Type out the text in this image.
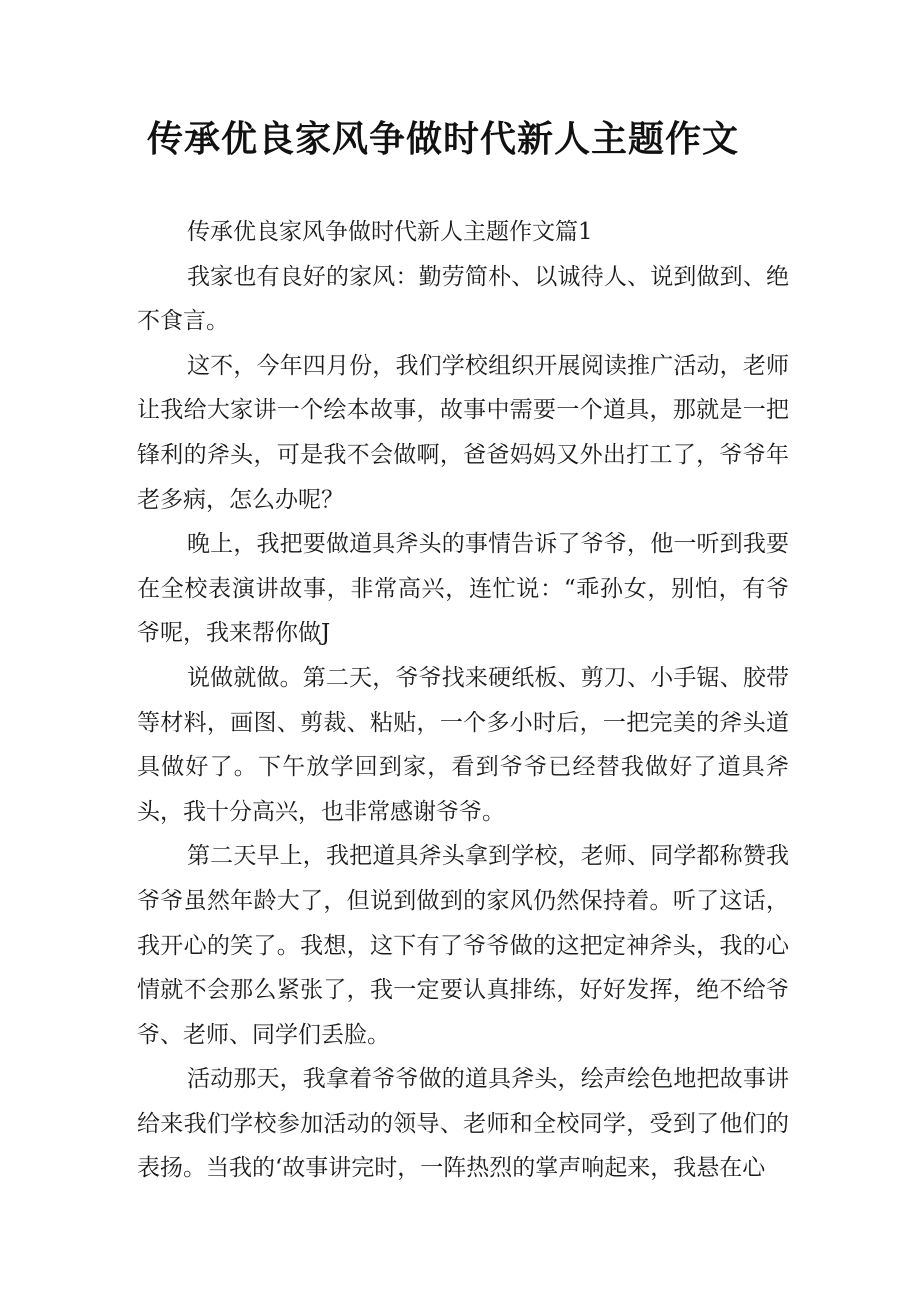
传承优良家风争做时代新人主题作文

传承优良家风争做时代新人主题作文篇1

我家也有良好的家风：勤劳简朴、以诚待人、说到做到、绝不食言。

这不，今年四月份，我们学校组织开展阅读推广活动，老师让我给大家讲一个绘本故事，故事中需要一个道具，那就是一把锋利的斧头，可是我不会做啊，爸爸妈妈又外出打工了，爷爷年老多病，怎么办呢？

晚上，我把要做道具斧头的事情告诉了爷爷，他一听到我要在全校表演讲故事，非常高兴，连忙说：“乖孙女，别怕，有爷爷呢，我来帮你做J

说做就做。第二天，爷爷找来硬纸板、剪刀、小手锯、胶带等材料，画图、剪裁、粘贴，一个多小时后，一把完美的斧头道具做好了。下午放学回到家，看到爷爷已经替我做好了道具斧头，我十分高兴，也非常感谢爷爷。

第二天早上，我把道具斧头拿到学校，老师、同学都称赞我爷爷虽然年龄大了，但说到做到的家风仍然保持着。听了这话，我开心的笑了。我想，这下有了爷爷做的这把定神斧头，我的心情就不会那么紧张了，我一定要认真排练，好好发挥，绝不给爷爷、老师、同学们丢脸。

活动那天，我拿着爷爷做的道具斧头，绘声绘色地把故事讲给来我们学校参加活动的领导、老师和全校同学，受到了他们的表扬。当我的‘故事讲完时，一阵热烈的掌声响起来，我悬在心
